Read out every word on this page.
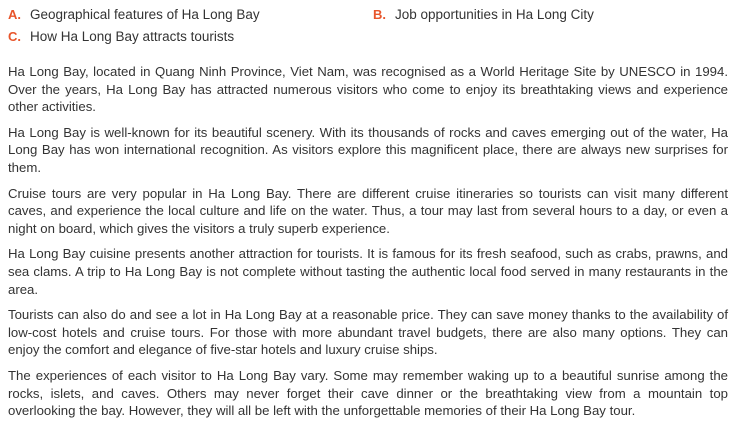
A. Geographical features of Ha Long Bay	B. Job opportunities in Ha Long City
C. How Ha Long Bay attracts tourists

Ha Long Bay, located in Quang Ninh Province, Viet Nam, was recognised as a World Heritage Site by UNESCO in 1994. Over the years, Ha Long Bay has attracted numerous visitors who come to enjoy its breathtaking views and experience other activities.

Ha Long Bay is well-known for its beautiful scenery. With its thousands of rocks and caves emerging out of the water, Ha Long Bay has won international recognition. As visitors explore this magnificent place, there are always new surprises for them.

Cruise tours are very popular in Ha Long Bay. There are different cruise itineraries so tourists can visit many different caves, and experience the local culture and life on the water. Thus, a tour may last from several hours to a day, or even a night on board, which gives the visitors a truly superb experience.

Ha Long Bay cuisine presents another attraction for tourists. It is famous for its fresh seafood, such as crabs, prawns, and sea clams. A trip to Ha Long Bay is not complete without tasting the authentic local food served in many restaurants in the area.

Tourists can also do and see a lot in Ha Long Bay at a reasonable price. They can save money thanks to the availability of low-cost hotels and cruise tours. For those with more abundant travel budgets, there are also many options. They can enjoy the comfort and elegance of five-star hotels and luxury cruise ships.

The experiences of each visitor to Ha Long Bay vary. Some may remember waking up to a beautiful sunrise among the rocks, islets, and caves. Others may never forget their cave dinner or the breathtaking view from a mountain top overlooking the bay. However, they will all be left with the unforgettable memories of their Ha Long Bay tour.
